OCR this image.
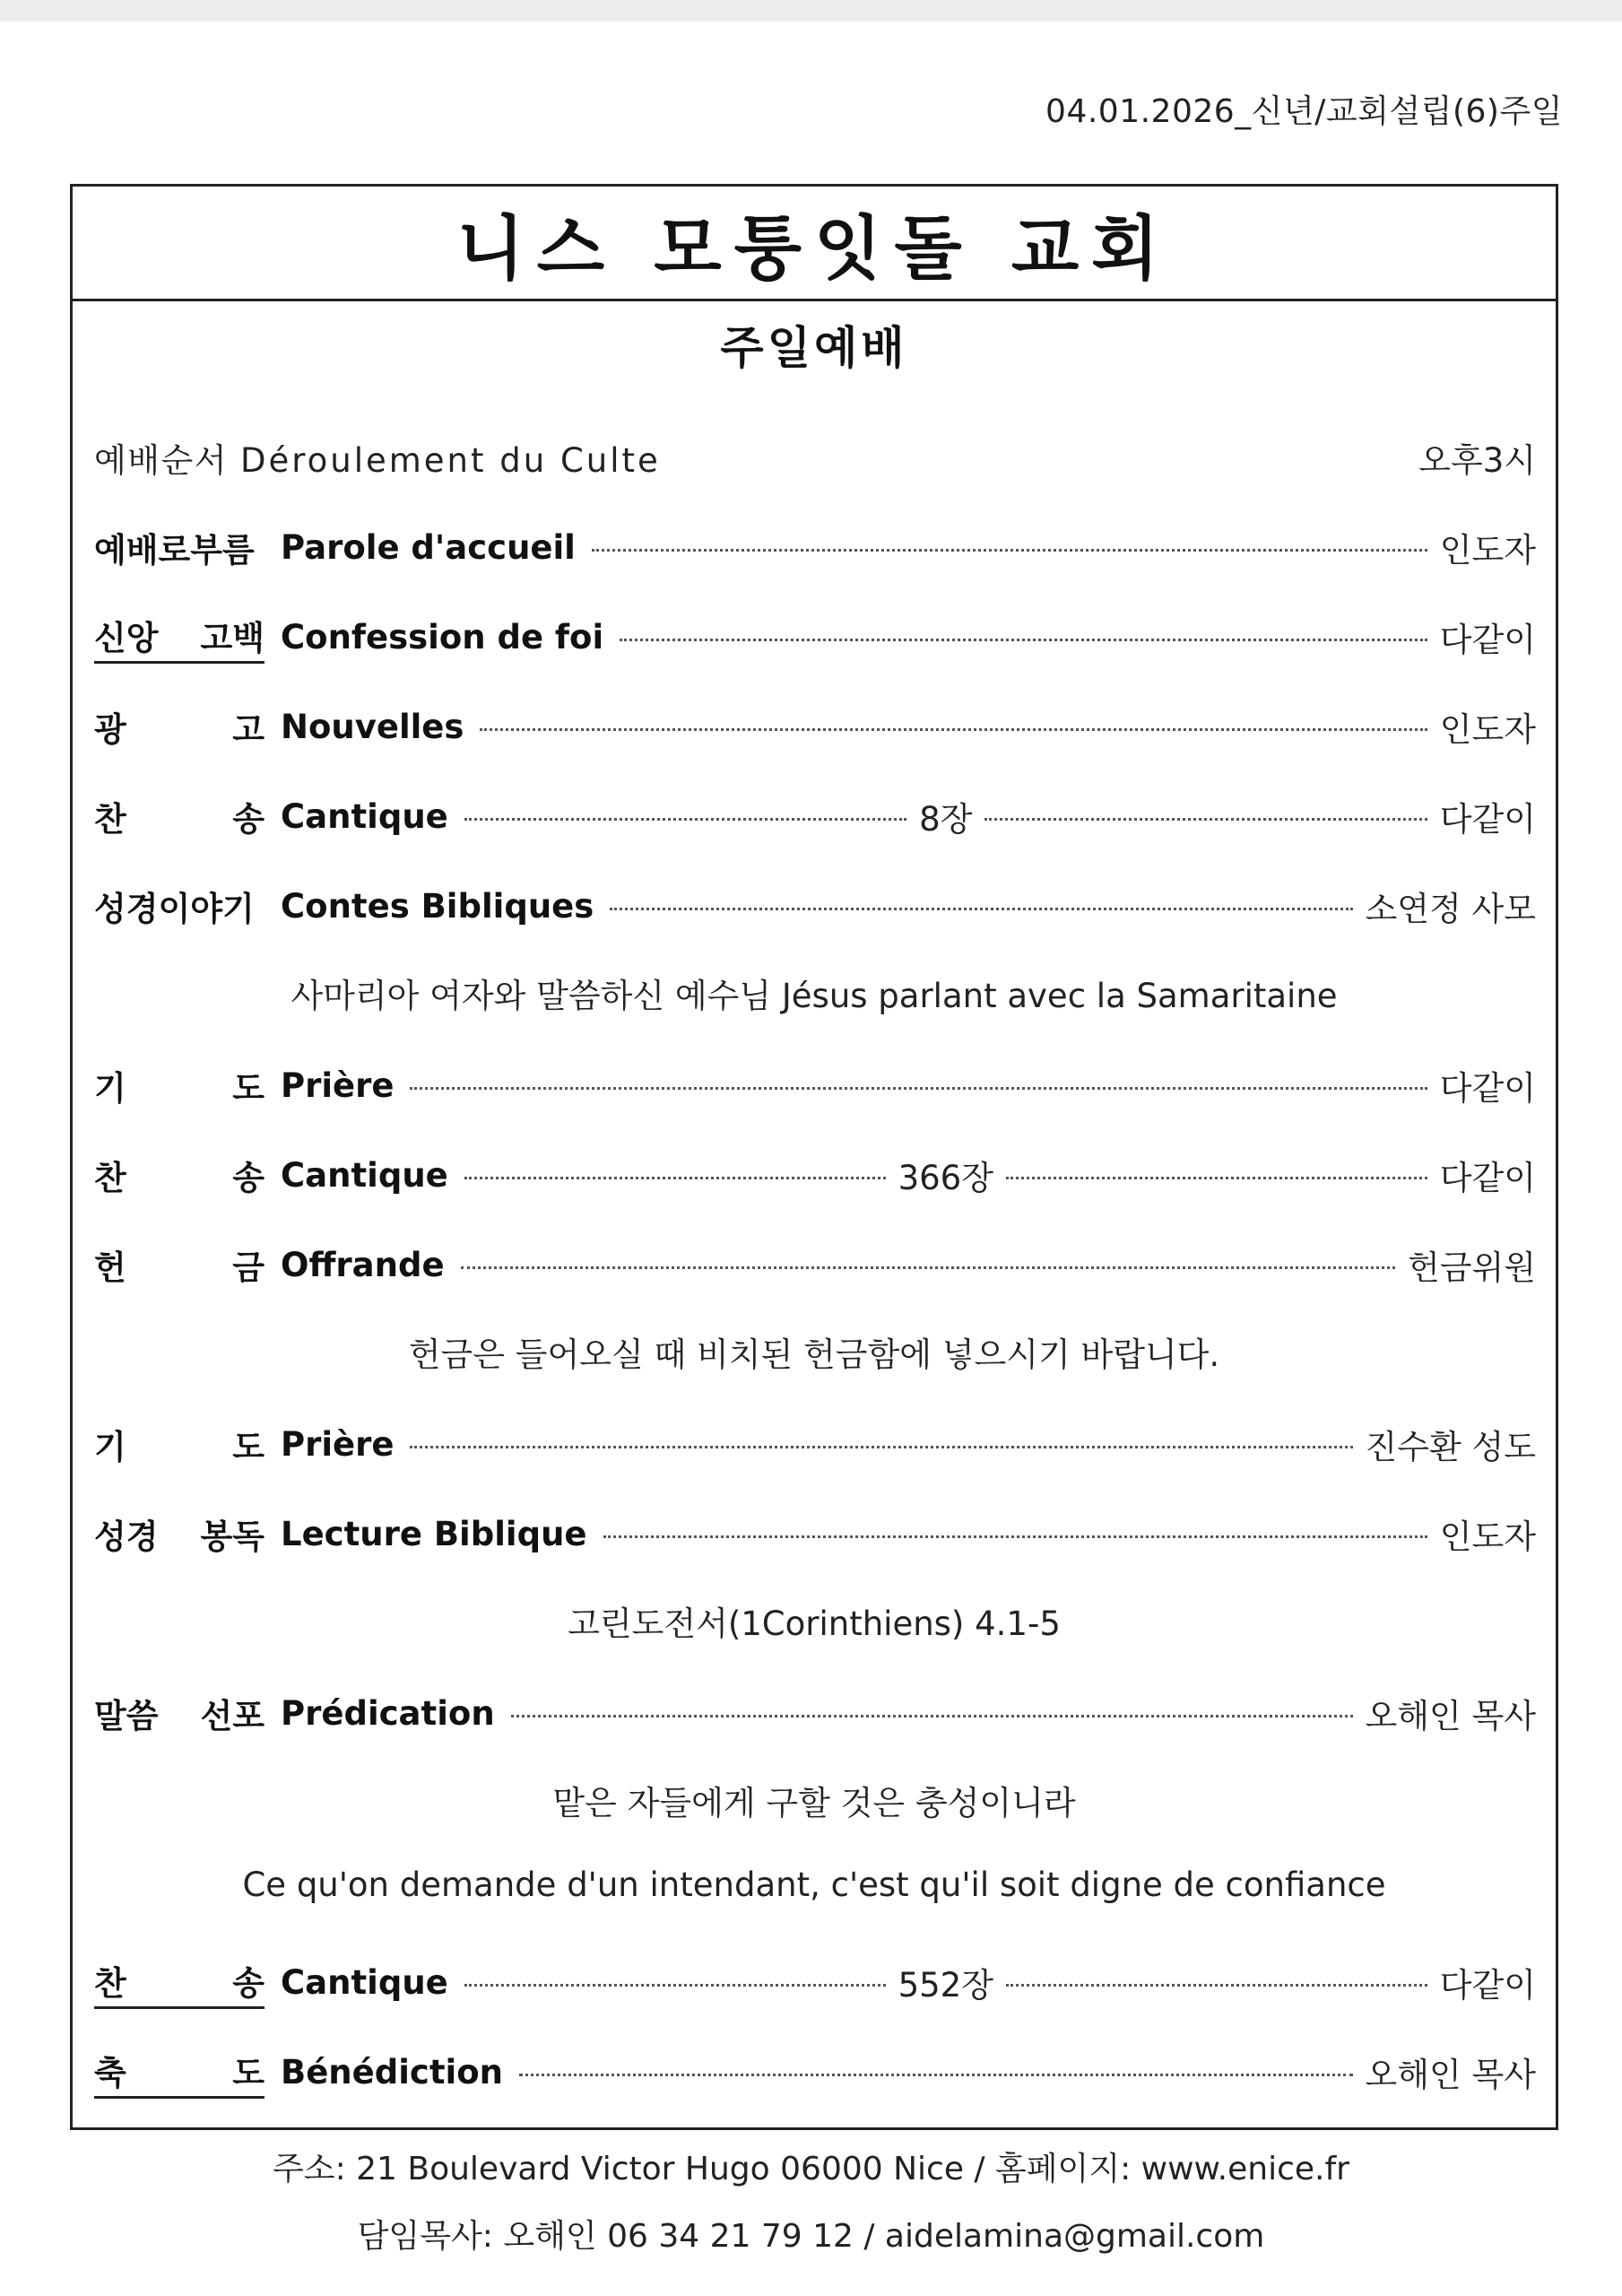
04.01.2026_신년/교회설립(6)주일
니스 모퉁잇돌 교회
주일예배
예배순서 Déroulement du Culte	오후3시
예배로부름 Parole d'accueil	인도자
신앙 고백 Confession de foi	다같이
광	고 Nouvelles	인도자
찬	송 Cantique	8장	다같이
성경이야기 Contes Bibliques	소연정 사모
기	도 Prière	다같이
찬	송 Cantique	366장	다같이
헌	금 Offrande	헌금위원
기	도 Prière	진수환 성도
성경 봉독 Lecture Biblique	인도자
말씀 선포 Prédication	오해인 목사
찬	송 Cantique	552장	다같이
축	도 Bénédiction	오해인 목사
사마리아 여자와 말씀하신 예수님 Jésus parlant avec la Samaritaine
헌금은 들어오실 때 비치된 헌금함에 넣으시기 바랍니다.
고린도전서(1Corinthiens) 4.1-5
맡은 자들에게 구할 것은 충성이니라
Ce qu'on demande d'un intendant, c'est qu'il soit digne de confiance
주소: 21 Boulevard Victor Hugo 06000 Nice / 홈페이지: www.enice.fr
담임목사: 오해인 06 34 21 79 12 / aidelamina@gmail.com
